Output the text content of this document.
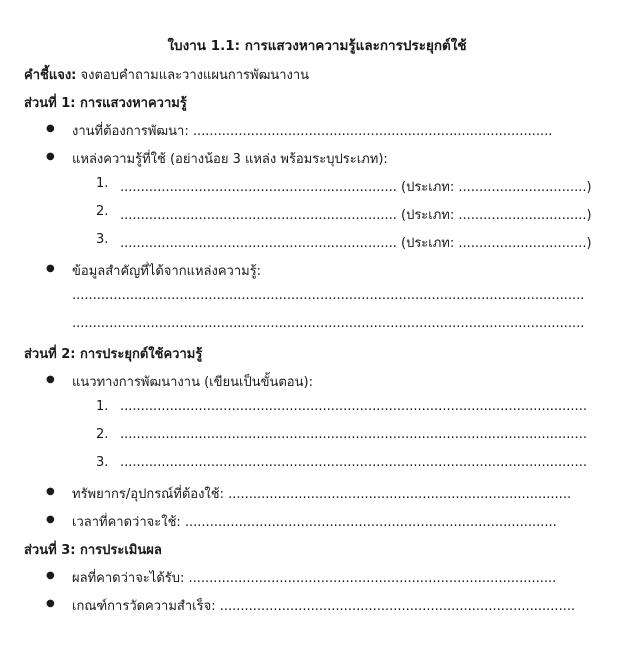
ใบงาน 1.1: การแสวงหาความรู้และการประยุกต์ใช้
คำชี้แจง: จงตอบคำถามและวางแผนการพัฒนางาน
ส่วนที่ 1: การแสวงหาความรู้
● งานที่ต้องการพัฒนา: .......................................................................................
● แหล่งความรู้ที่ใช้ (อย่างน้อย 3 แหล่ง พร้อมระบุประเภท):
1. ................................................................... (ประเภท: ...............................)
2. ................................................................... (ประเภท: ...............................)
3. ................................................................... (ประเภท: ...............................)
● ข้อมูลสำคัญที่ได้จากแหล่งความรู้:
............................................................................................................................
............................................................................................................................
ส่วนที่ 2: การประยุกต์ใช้ความรู้
● แนวทางการพัฒนางาน (เขียนเป็นขั้นตอน):
1. .................................................................................................................
2. .................................................................................................................
3. .................................................................................................................
● ทรัพยากร/อุปกรณ์ที่ต้องใช้: ...................................................................................
● เวลาที่คาดว่าจะใช้: ..........................................................................................
ส่วนที่ 3: การประเมินผล
● ผลที่คาดว่าจะได้รับ: .........................................................................................
● เกณฑ์การวัดความสำเร็จ: ......................................................................................
